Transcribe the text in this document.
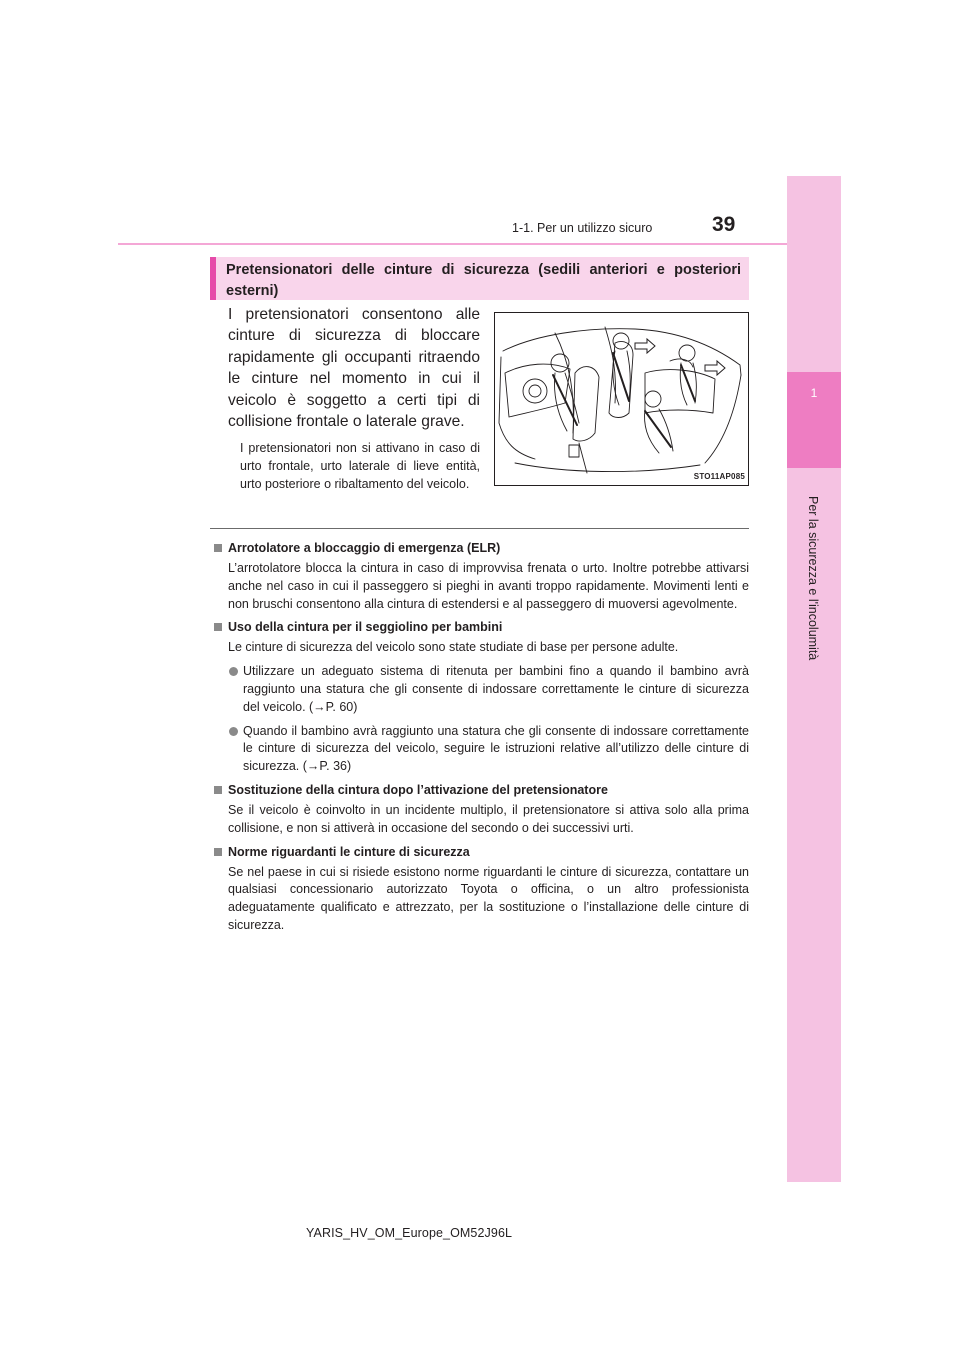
1
Per la sicurezza e l'incolumità
1-1. Per un utilizzo sicuro	39
Pretensionatori delle cinture di sicurezza (sedili anteriori e posteriori esterni)
I pretensionatori consentono alle cinture di sicurezza di bloccare rapidamente gli occupanti ritraendo le cinture nel momento in cui il veicolo è soggetto a certi tipi di collisione frontale o laterale grave.
I pretensionatori non si attivano in caso di urto frontale, urto laterale di lieve entità, urto posteriore o ribaltamento del veicolo.
STO11AP085
Arrotolatore a bloccaggio di emergenza (ELR)
L’arrotolatore blocca la cintura in caso di improvvisa frenata o urto. Inoltre potrebbe attivarsi anche nel caso in cui il passeggero si pieghi in avanti troppo rapidamente. Movimenti lenti e non bruschi consentono alla cintura di estendersi e al passeggero di muoversi agevolmente.
Uso della cintura per il seggiolino per bambini
Le cinture di sicurezza del veicolo sono state studiate di base per persone adulte.
Utilizzare un adeguato sistema di ritenuta per bambini fino a quando il bambino avrà raggiunto una statura che gli consente di indossare correttamente le cinture di sicurezza del veicolo. (→P. 60)
Quando il bambino avrà raggiunto una statura che gli consente di indossare correttamente le cinture di sicurezza del veicolo, seguire le istruzioni relative all’utilizzo delle cinture di sicurezza. (→P. 36)
Sostituzione della cintura dopo l’attivazione del pretensionatore
Se il veicolo è coinvolto in un incidente multiplo, il pretensionatore si attiva solo alla prima collisione, e non si attiverà in occasione del secondo o dei successivi urti.
Norme riguardanti le cinture di sicurezza
Se nel paese in cui si risiede esistono norme riguardanti le cinture di sicurezza, contattare un qualsiasi concessionario autorizzato Toyota o officina, o un altro professionista adeguatamente qualificato e attrezzato, per la sostituzione o l’installazione delle cinture di sicurezza.
YARIS_HV_OM_Europe_OM52J96L
